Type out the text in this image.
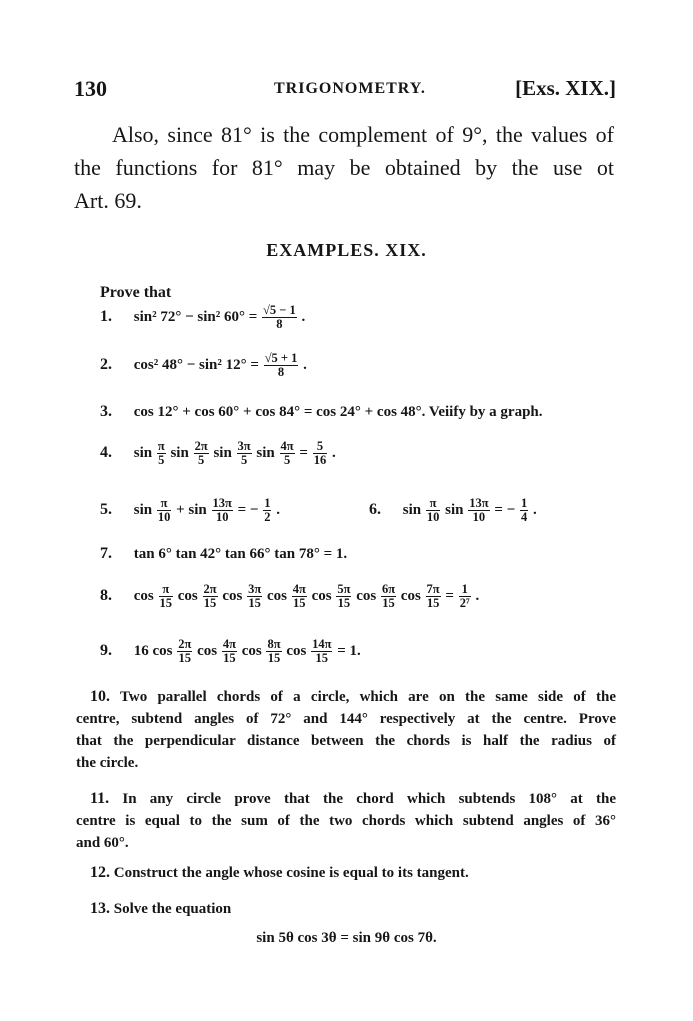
130	TRIGONOMETRY.	[Exs. XIX.]
Also, since 81° is the complement of 9°, the values of
the functions for 81° may be obtained by the use ot
Art. 69.
EXAMPLES. XIX.
Prove that
1. sin² 72° − sin² $60^\circ = \frac{√5 - 1}{8}$ .
2. cos² 48° − sin² $12^\circ = \frac{√5 + 1}{8}$ .
3. cos 12° + cos 60° + cos 84° = cos 24° + cos 48°. Veiify by a graph.
4. $\sin \frac{\pi}{5}$ $\sin \frac{2\pi}{5}$ $\sin \frac{3\pi}{5}$ $\sin \frac{4\pi}{5} = \frac{5}{16}$ .
5. $\sin \frac{\pi}{10} + \sin \frac{13\pi}{10}$ = − $\frac{1}{2}$ .	6. $\sin \frac{\pi}{10}$ $\sin \frac{13\pi}{10}$ = − $\frac{1}{4}$ .
7. tan 6° tan 42° tan 66° tan 78° = 1.
8. $\cos \frac{\pi}{15}$ $\cos \frac{2\pi}{15}$ $\cos \frac{3\pi}{15}$ $\cos \frac{4\pi}{15}$ $\cos \frac{5\pi}{15}$ $\cos \frac{6\pi}{15}$ $\cos \frac{7\pi}{15} = \frac{1}{\text{2⁷}}$ .
9. 16 $\cos \frac{2\pi}{15}$ $\cos \frac{4\pi}{15}$ $\cos \frac{8\pi}{15}$ $\cos \frac{14\pi}{15} = 1$.
10. Two parallel chords of a circle, which are on the same side of the
centre, subtend angles of 72° and 144° respectively at the centre. Prove
that the perpendicular distance between the chords is half the radius of
the circle.
11. In any circle prove that the chord which subtends 108° at the
centre is equal to the sum of the two chords which subtend angles of 36°
and 60°.
12. Construct the angle whose cosine is equal to its tangent.
13. Solve the equation
sin 5θ cos 3θ = sin 9θ cos 7θ.
